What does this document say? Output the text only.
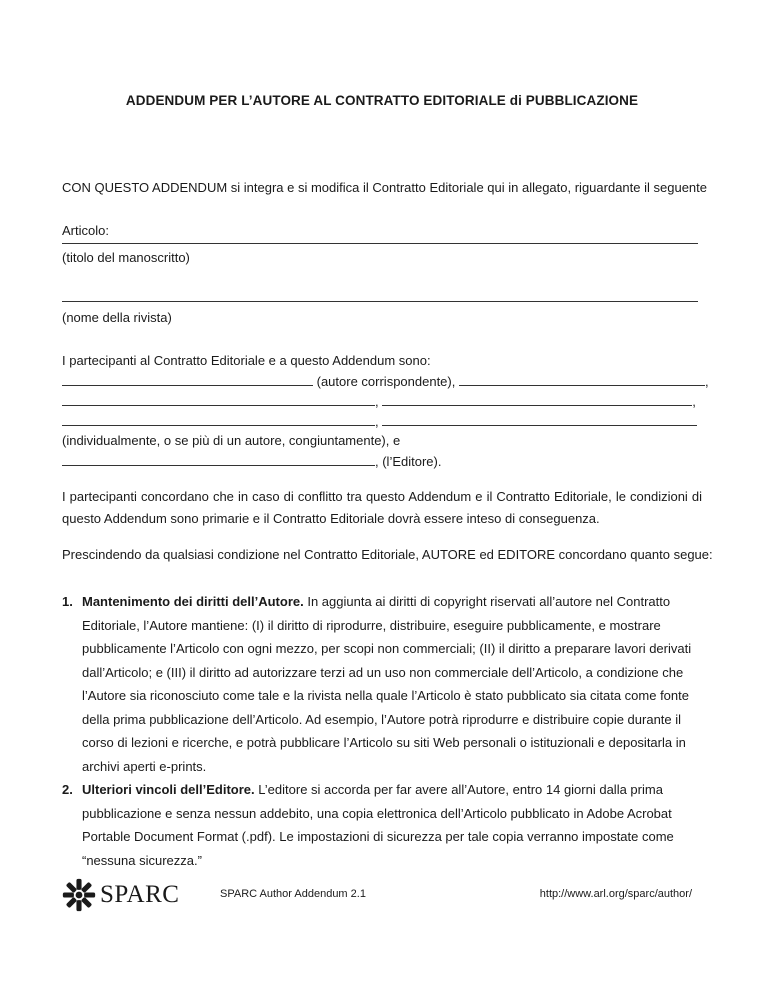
ADDENDUM PER L’AUTORE AL CONTRATTO EDITORIALE di PUBBLICAZIONE
CON QUESTO ADDENDUM si integra e si modifica il Contratto Editoriale qui in allegato, riguardante il seguente
Articolo:
(titolo del manoscritto)
(nome della rivista)
I partecipanti al Contratto Editoriale e a questo Addendum sono:
(autore corrispondente),	,
,	,
,
(individualmente, o se più di un autore, congiuntamente), e
, (l’Editore).
I partecipanti concordano che in caso di conflitto tra questo Addendum e il Contratto Editoriale, le condizioni di questo Addendum sono primarie e il Contratto Editoriale dovrà essere inteso di conseguenza.
Prescindendo da qualsiasi condizione nel Contratto Editoriale, AUTORE ed EDITORE concordano quanto segue:
1. Mantenimento dei diritti dell’Autore. In aggiunta ai diritti di copyright riservati all’autore nel Contratto Editoriale, l’Autore mantiene: (I) il diritto di riprodurre, distribuire, eseguire pubblicamente, e mostrare pubblicamente l’Articolo con ogni mezzo, per scopi non commerciali; (II) il diritto a preparare lavori derivati dall’Articolo; e (III) il diritto ad autorizzare terzi ad un uso non commerciale dell’Articolo, a condizione che l’Autore sia riconosciuto come tale e la rivista nella quale l’Articolo è stato pubblicato sia citata come fonte della prima pubblicazione dell’Articolo. Ad esempio, l’Autore potrà riprodurre e distribuire copie durante il corso di lezioni e ricerche, e potrà pubblicare l’Articolo su siti Web personali o istituzionali e depositarla in archivi aperti e-prints.
2. Ulteriori vincoli dell’Editore. L’editore si accorda per far avere all’Autore, entro 14 giorni dalla prima pubblicazione e senza nessun addebito, una copia elettronica dell’Articolo pubblicato in Adobe Acrobat Portable Document Format (.pdf). Le impostazioni di sicurezza per tale copia verranno impostate come “nessuna sicurezza.”
SPARC	SPARC Author Addendum 2.1	http://www.arl.org/sparc/author/
